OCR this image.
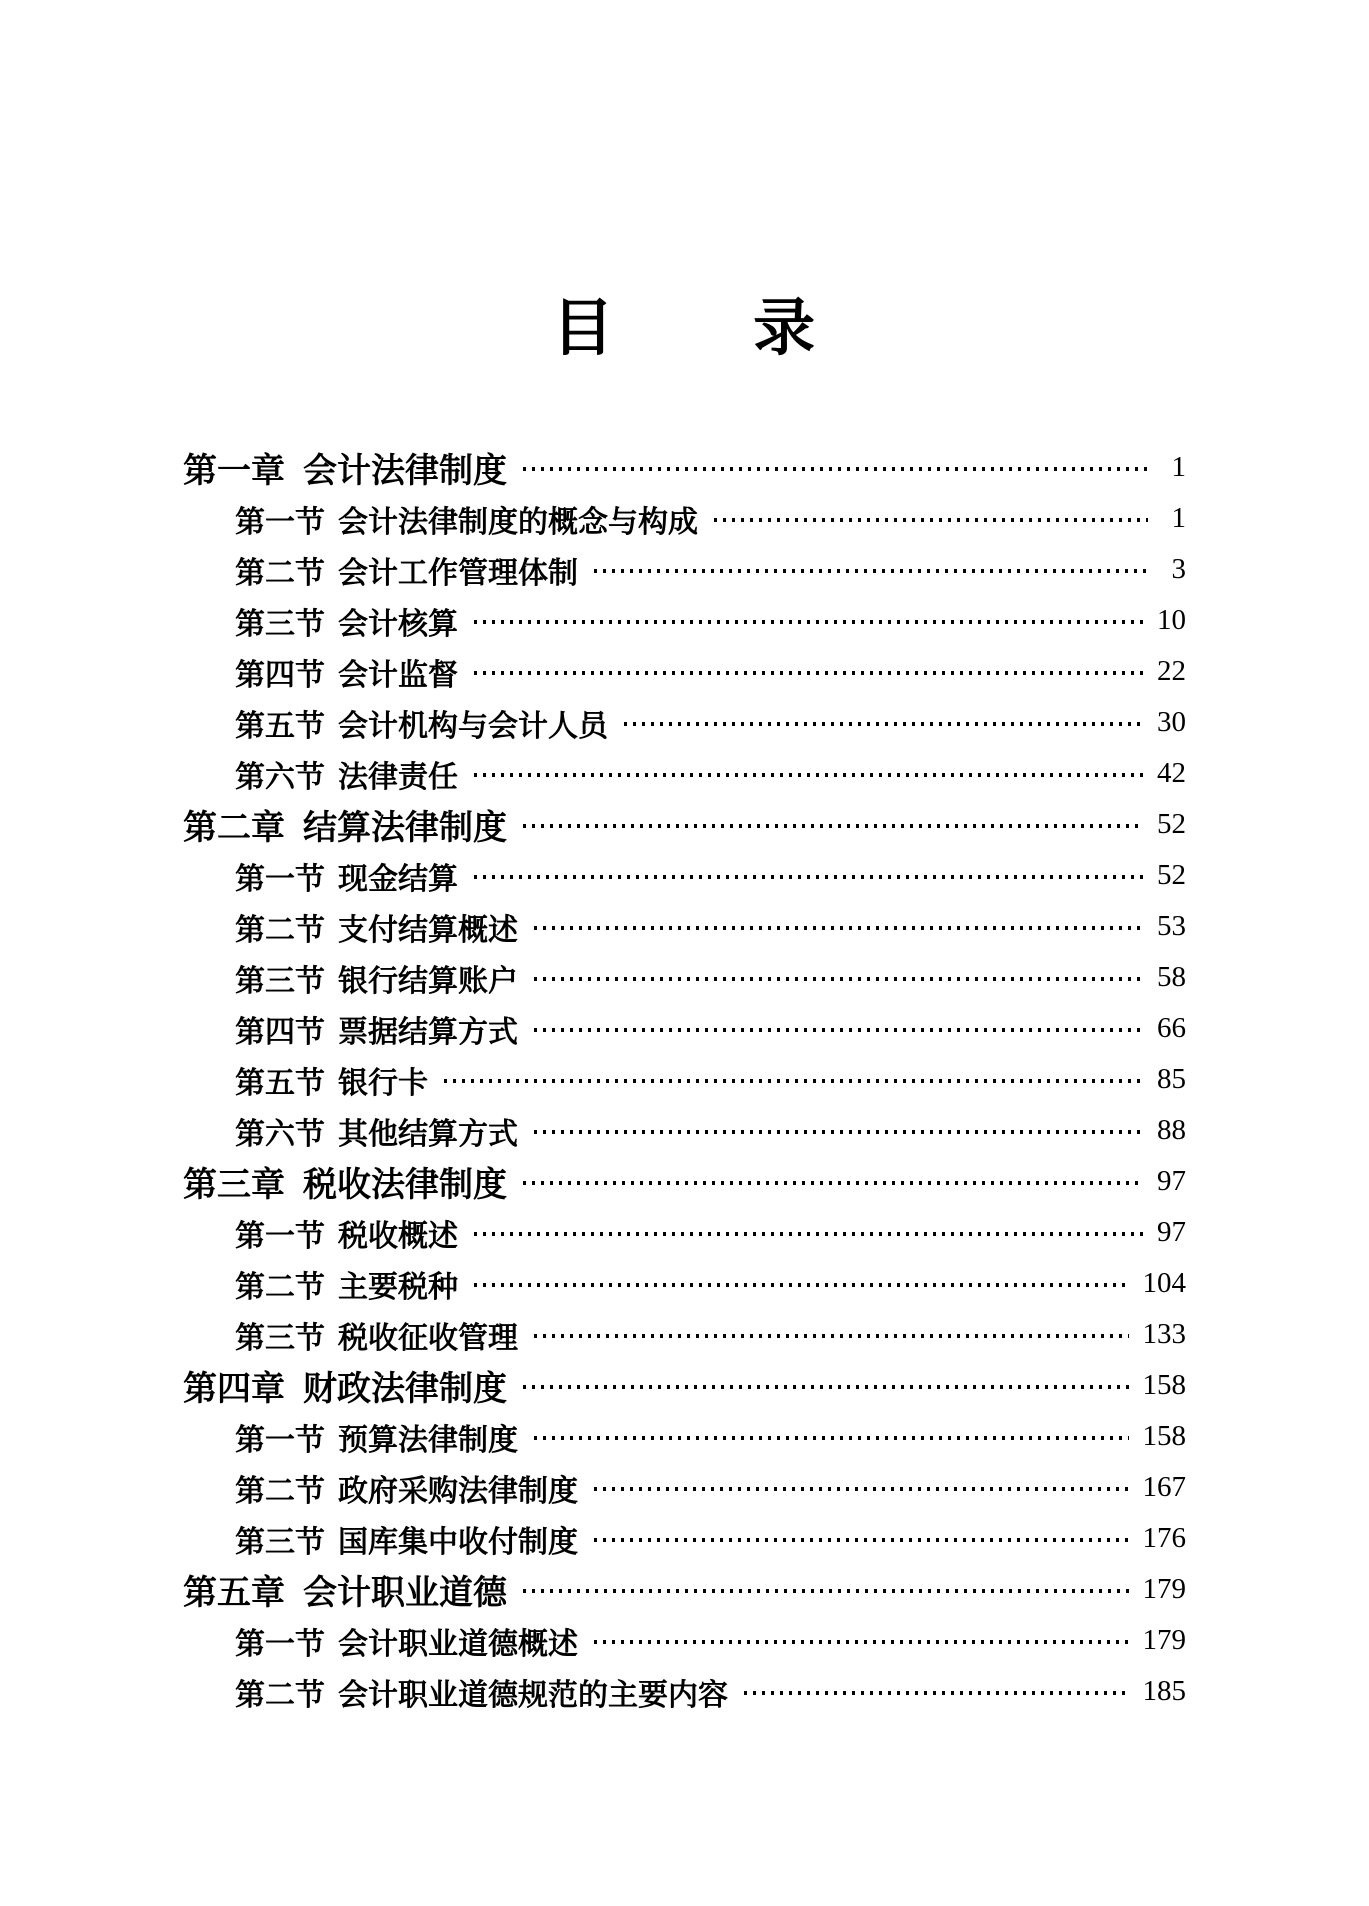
目 录
第一章 会计法律制度	1
第一节 会计法律制度的概念与构成	1
第二节 会计工作管理体制	3
第三节 会计核算	10
第四节 会计监督	22
第五节 会计机构与会计人员	30
第六节 法律责任	42
第二章 结算法律制度	52
第一节 现金结算	52
第二节 支付结算概述	53
第三节 银行结算账户	58
第四节 票据结算方式	66
第五节 银行卡	85
第六节 其他结算方式	88
第三章 税收法律制度	97
第一节 税收概述	97
第二节 主要税种	104
第三节 税收征收管理	133
第四章 财政法律制度	158
第一节 预算法律制度	158
第二节 政府采购法律制度	167
第三节 国库集中收付制度	176
第五章 会计职业道德	179
第一节 会计职业道德概述	179
第二节 会计职业道德规范的主要内容	185
